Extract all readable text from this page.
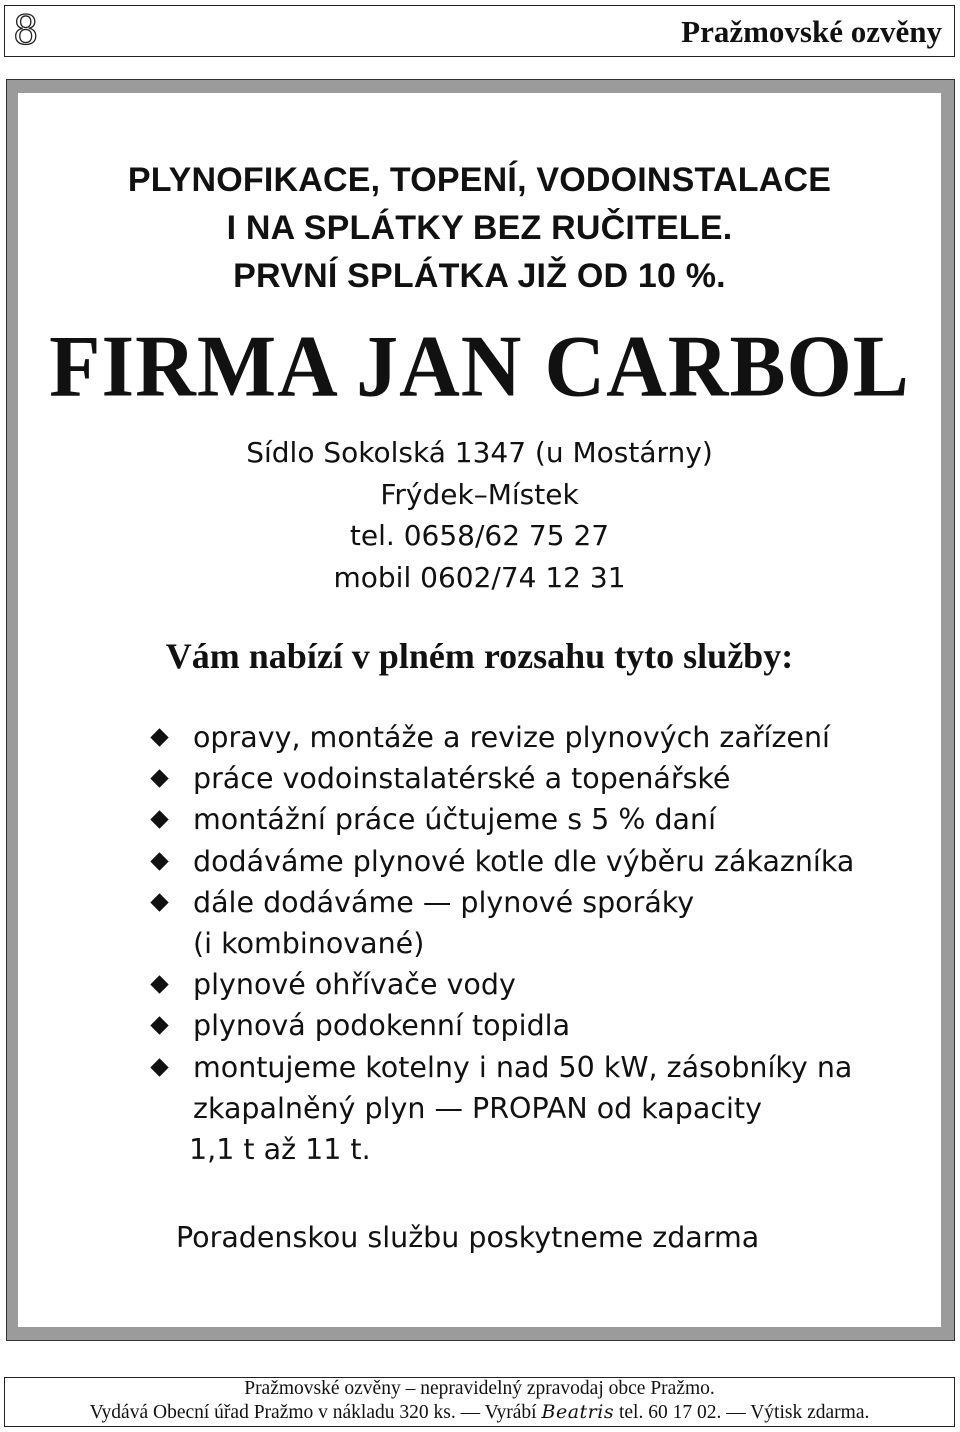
8	Pražmovské ozvěny
PLYNOFIKACE, TOPENÍ, VODOINSTALACE
I NA SPLÁTKY BEZ RUČITELE.
PRVNÍ SPLÁTKA JIŽ OD 10 %.
FIRMA JAN CARBOL
Sídlo Sokolská 1347 (u Mostárny)
Frýdek–Místek
tel. 0658/62 75 27
mobil 0602/74 12 31
Vám nabízí v plném rozsahu tyto služby:
opravy, montáže a revize plynových zařízení
práce vodoinstalatérské a topenářské
montážní práce účtujeme s 5 % daní
dodáváme plynové kotle dle výběru zákazníka
dále dodáváme — plynové sporáky
(i kombinované)
plynové ohřívače vody
plynová podokenní topidla
montujeme kotelny i nad 50 kW, zásobníky na
zkapalněný plyn — PROPAN od kapacity
1,1 t až 11 t.
Poradenskou službu poskytneme zdarma
Pražmovské ozvěny – nepravidelný zpravodaj obce Pražmo.
Vydává Obecní úřad Pražmo v nákladu 320 ks. — Vyrábí Beatris tel. 60 17 02. — Výtisk zdarma.
